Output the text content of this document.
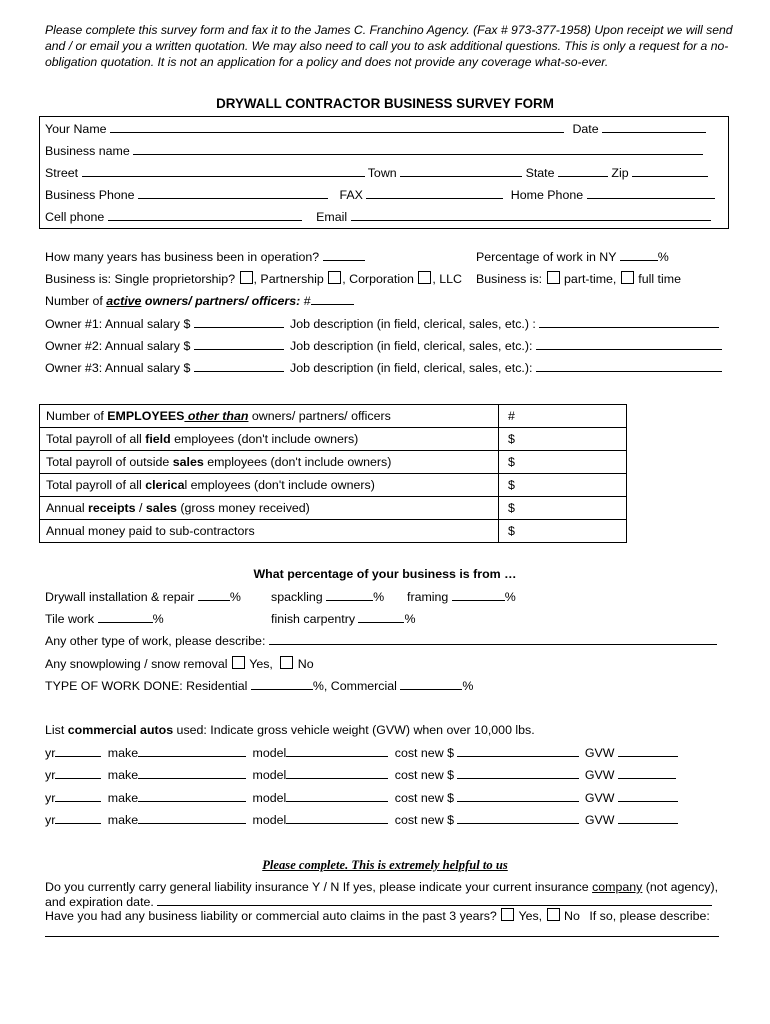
Please complete this survey form and fax it to the James C. Franchino Agency. (Fax # 973-377-1958) Upon receipt we will send and / or email you a written quotation. We may also need to call you to ask additional questions. This is only a request for a no-obligation quotation. It is not an application for a policy and does not provide any coverage what-so-ever.
DRYWALL CONTRACTOR BUSINESS SURVEY FORM
Your Name	Date
Business name
Street	Town	State	Zip
Business Phone	FAX	Home Phone
Cell phone	Email
How many years has business been in operation?	Percentage of work in NY	%
Business is: Single proprietorship? , Partnership , Corporation , LLC Business is: part-time, full time
Number of active owners/ partners/ officers: #
Owner #1: Annual salary $	Job description (in field, clerical, sales, etc.) :
Owner #2: Annual salary $	Job description (in field, clerical, sales, etc.):
Owner #3: Annual salary $	Job description (in field, clerical, sales, etc.):
Number of EMPLOYEES other than owners/ partners/ officers	#
Total payroll of all field employees (don't include owners)	$
Total payroll of outside sales employees (don't include owners)	$
Total payroll of all clerical employees (don't include owners)	$
Annual receipts / sales (gross money received)	$
Annual money paid to sub-contractors	$
What percentage of your business is from …
Drywall installation & repair	% spackling	% framing	%
Tile work	%	finish carpentry	%
Any other type of work, please describe:
Any snowplowing / snow removal Yes, No
TYPE OF WORK DONE: Residential	%, Commercial	%
List commercial autos used: Indicate gross vehicle weight (GVW) when over 10,000 lbs.
yr	make	model	cost new $	GVW
yr	make	model	cost new $	GVW
yr	make	model	cost new $	GVW
yr	make	model	cost new $	GVW
Please complete. This is extremely helpful to us
Do you currently carry general liability insurance Y / N If yes, please indicate your current insurance company (not agency),
and expiration date.
Have you had any business liability or commercial auto claims in the past 3 years? Yes, No If so, please describe:
